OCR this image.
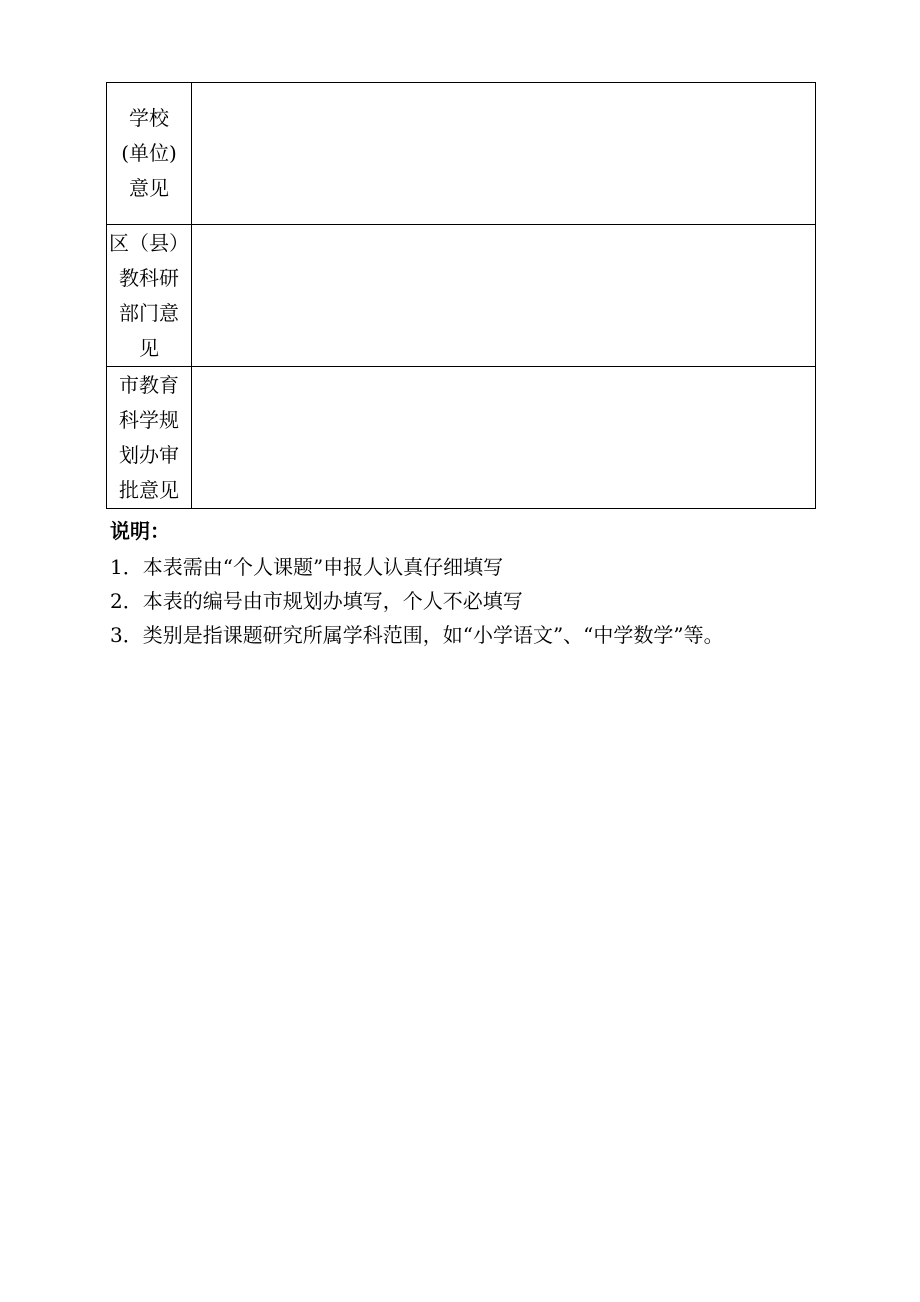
学校
(单位)
意见	

区（县）
教科研
部门意
见	

市教育
科学规
划办审
批意见	

说明：
1．本表需由“个人课题”申报人认真仔细填写
2．本表的编号由市规划办填写，个人不必填写
3．类别是指课题研究所属学科范围，如“小学语文”、“中学数学”等。
